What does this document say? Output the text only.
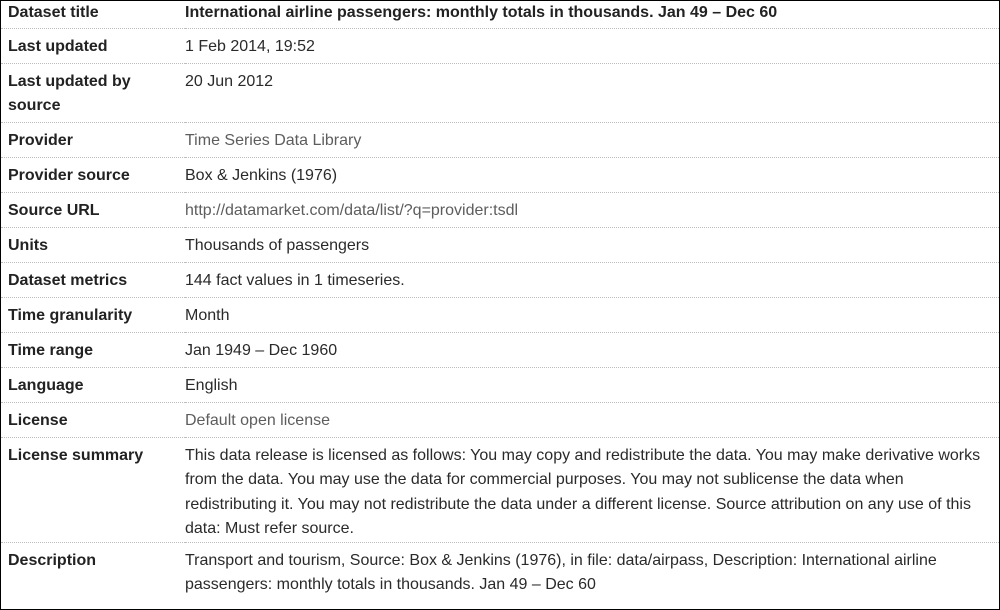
Dataset title	International airline passengers: monthly totals in thousands. Jan 49 – Dec 60
Last updated	1 Feb 2014, 19:52
Last updated by source	20 Jun 2012
Provider	Time Series Data Library
Provider source	Box & Jenkins (1976)
Source URL	http://datamarket.com/data/list/?q=provider:tsdl
Units	Thousands of passengers
Dataset metrics	144 fact values in 1 timeseries.
Time granularity	Month
Time range	Jan 1949 – Dec 1960
Language	English
License	Default open license
License summary	This data release is licensed as follows: You may copy and redistribute the data. You may make derivative works from the data. You may use the data for commercial purposes. You may not sublicense the data when redistributing it. You may not redistribute the data under a different license. Source attribution on any use of this data: Must refer source.
Description	Transport and tourism, Source: Box & Jenkins (1976), in file: data/airpass, Description: International airline passengers: monthly totals in thousands. Jan 49 – Dec 60
